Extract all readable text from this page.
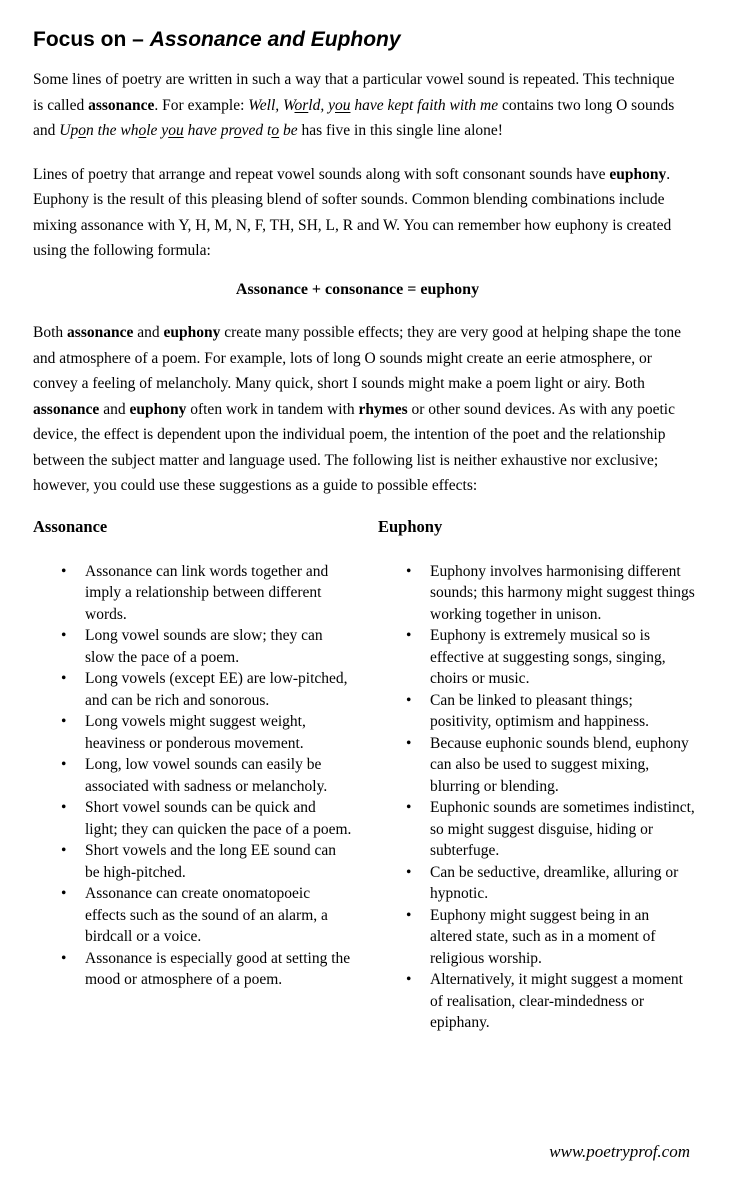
Focus on – Assonance and Euphony

Some lines of poetry are written in such a way that a particular vowel sound is repeated. This technique is called assonance. For example: Well, World, you have kept faith with me contains two long O sounds and Upon the whole you have proved to be has five in this single line alone!

Lines of poetry that arrange and repeat vowel sounds along with soft consonant sounds have euphony. Euphony is the result of this pleasing blend of softer sounds. Common blending combinations include mixing assonance with Y, H, M, N, F, TH, SH, L, R and W. You can remember how euphony is created using the following formula:

Assonance + consonance = euphony

Both assonance and euphony create many possible effects; they are very good at helping shape the tone and atmosphere of a poem. For example, lots of long O sounds might create an eerie atmosphere, or convey a feeling of melancholy. Many quick, short I sounds might make a poem light or airy. Both assonance and euphony often work in tandem with rhymes or other sound devices. As with any poetic device, the effect is dependent upon the individual poem, the intention of the poet and the relationship between the subject matter and language used. The following list is neither exhaustive nor exclusive; however, you could use these suggestions as a guide to possible effects:

Assonance
• Assonance can link words together and imply a relationship between different words.
• Long vowel sounds are slow; they can slow the pace of a poem.
• Long vowels (except EE) are low-pitched, and can be rich and sonorous.
• Long vowels might suggest weight, heaviness or ponderous movement.
• Long, low vowel sounds can easily be associated with sadness or melancholy.
• Short vowel sounds can be quick and light; they can quicken the pace of a poem.
• Short vowels and the long EE sound can be high-pitched.
• Assonance can create onomatopoeic effects such as the sound of an alarm, a birdcall or a voice.
• Assonance is especially good at setting the mood or atmosphere of a poem.
Euphony
• Euphony involves harmonising different sounds; this harmony might suggest things working together in unison.
• Euphony is extremely musical so is effective at suggesting songs, singing, choirs or music.
• Can be linked to pleasant things; positivity, optimism and happiness.
• Because euphonic sounds blend, euphony can also be used to suggest mixing, blurring or blending.
• Euphonic sounds are sometimes indistinct, so might suggest disguise, hiding or subterfuge.
• Can be seductive, dreamlike, alluring or hypnotic.
• Euphony might suggest being in an altered state, such as in a moment of religious worship.
• Alternatively, it might suggest a moment of realisation, clear-mindedness or epiphany.
www.poetryprof.com
